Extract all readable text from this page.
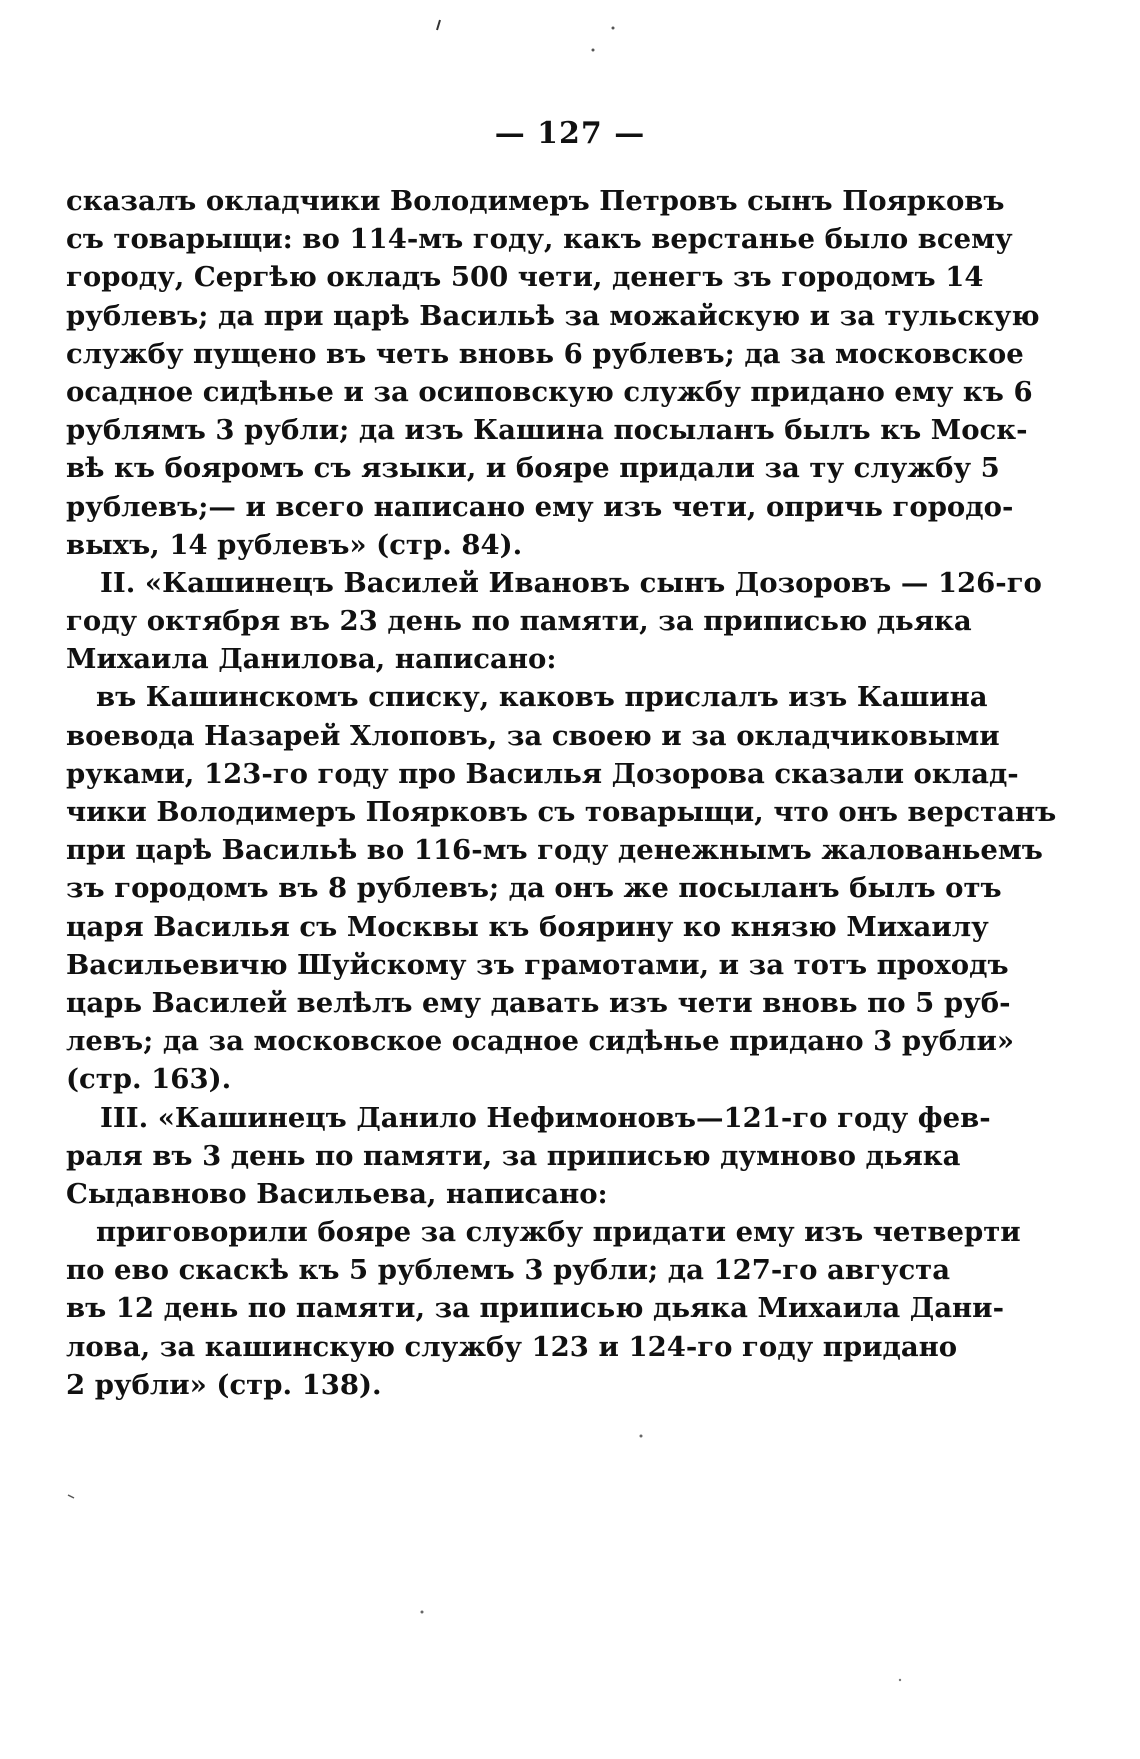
— 127 —
сказалъ окладчики Володимеръ Петровъ сынъ Поярковъ
съ товарыщи: во 114-мъ году, какъ верстанье было всему
городу, Сергѣю окладъ 500 чети, денегъ зъ городомъ 14
рублевъ; да при царѣ Васильѣ за можайскую и за тульскую
службу пущено въ четь вновь 6 рублевъ; да за московское
осадное сидѣнье и за осиповскую службу придано ему къ 6
рублямъ 3 рубли; да изъ Кашина посыланъ былъ къ Моск-
вѣ къ бояромъ съ языки, и бояре придали за ту службу 5
рублевъ;— и всего написано ему изъ чети, опричь городо-
выхъ, 14 рублевъ» (стр. 84).
II. «Кашинецъ Василей Ивановъ сынъ Дозоровъ — 126-го
году октября въ 23 день по памяти, за приписью дьяка
Михаила Данилова, написано:
въ Кашинскомъ списку, каковъ прислалъ изъ Кашина
воевода Назарей Хлоповъ, за своею и за окладчиковыми
руками, 123-го году про Василья Дозорова сказали оклад-
чики Володимеръ Поярковъ съ товарыщи, что онъ верстанъ
при царѣ Васильѣ во 116-мъ году денежнымъ жалованьемъ
зъ городомъ въ 8 рублевъ; да онъ же посыланъ былъ отъ
царя Василья съ Москвы къ боярину ко князю Михаилу
Васильевичю Шуйскому зъ грамотами, и за тотъ проходъ
царь Василей велѣлъ ему давать изъ чети вновь по 5 руб-
левъ; да за московское осадное сидѣнье придано 3 рубли»
(стр. 163).
III. «Кашинецъ Данило Нефимоновъ—121-го году фев-
раля въ 3 день по памяти, за приписью думново дьяка
Сыдавново Васильева, написано:
приговорили бояре за службу придати ему изъ четверти
по ево скаскѣ къ 5 рублемъ 3 рубли; да 127-го августа
въ 12 день по памяти, за приписью дьяка Михаила Дани-
лова, за кашинскую службу 123 и 124-го году придано
2 рубли» (стр. 138).
